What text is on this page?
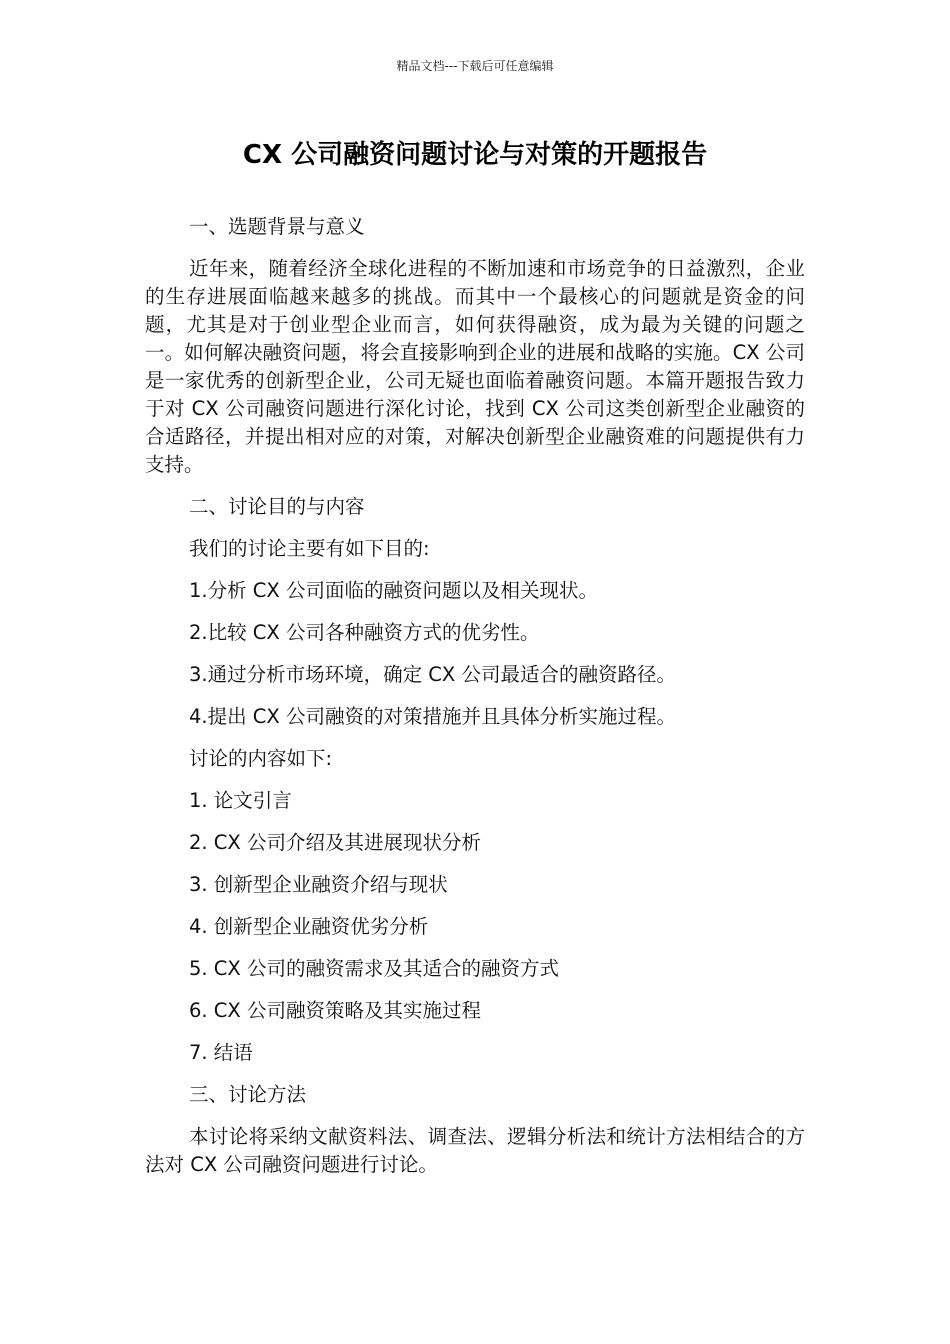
精品文档---下载后可任意编辑
CX 公司融资问题讨论与对策的开题报告

一、选题背景与意义

近年来，随着经济全球化进程的不断加速和市场竞争的日益激烈，企业的生存进展面临越来越多的挑战。而其中一个最核心的问题就是资金的问题，尤其是对于创业型企业而言，如何获得融资，成为最为关键的问题之一。如何解决融资问题，将会直接影响到企业的进展和战略的实施。CX 公司是一家优秀的创新型企业，公司无疑也面临着融资问题。本篇开题报告致力于对 CX 公司融资问题进行深化讨论，找到 CX 公司这类创新型企业融资的合适路径，并提出相对应的对策，对解决创新型企业融资难的问题提供有力支持。

二、讨论目的与内容

我们的讨论主要有如下目的:

1.分析 CX 公司面临的融资问题以及相关现状。

2.比较 CX 公司各种融资方式的优劣性。

3.通过分析市场环境，确定 CX 公司最适合的融资路径。

4.提出 CX 公司融资的对策措施并且具体分析实施过程。

讨论的内容如下:

1. 论文引言

2. CX 公司介绍及其进展现状分析

3. 创新型企业融资介绍与现状

4. 创新型企业融资优劣分析

5. CX 公司的融资需求及其适合的融资方式

6. CX 公司融资策略及其实施过程

7. 结语

三、讨论方法

本讨论将采纳文献资料法、调查法、逻辑分析法和统计方法相结合的方法对 CX 公司融资问题进行讨论。
